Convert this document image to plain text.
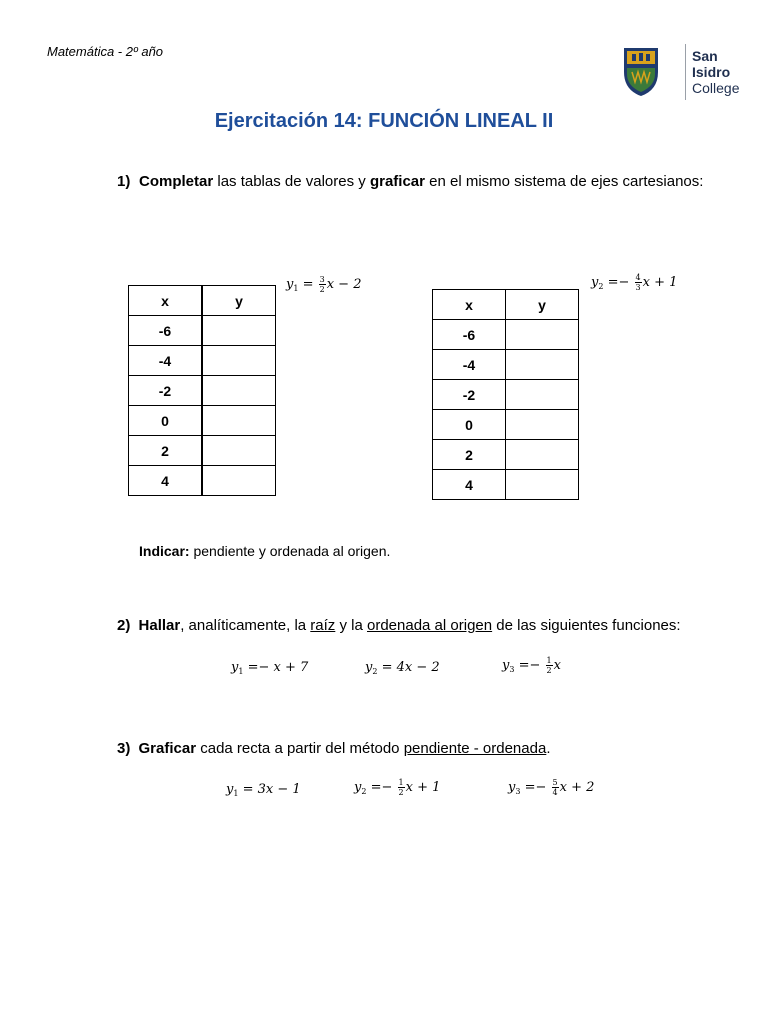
Matemática - 2º año	San
Isidro
College
Ejercitación 14: FUNCIÓN LINEAL II
1) Completar las tablas de valores y graficar en el mismo sistema de ejes cartesianos:
$y_1 = \frac{3}{2}$ x − 2	$y_2 =- \frac{4}{3}$ x + 1
x	y
-6	
-4	
-2	
0	
2	
4	
x	y
-6	
-4	
-2	
0	
2	
4	
Indicar: pendiente y ordenada al origen.
2) Hallar, analíticamente, la raíz y la ordenada al origen de las siguientes funciones:
$y_1 =- x + 7$	$y_2 = 4x - 2$	$y_3 =- \frac{1}{2}$ x
3) Graficar cada recta a partir del método pendiente - ordenada.
$y_1 = 3x - 1$	$y_2 =- \frac{1}{2}$ x + 1	$y_3 =- \frac{5}{4}$ x + 2
